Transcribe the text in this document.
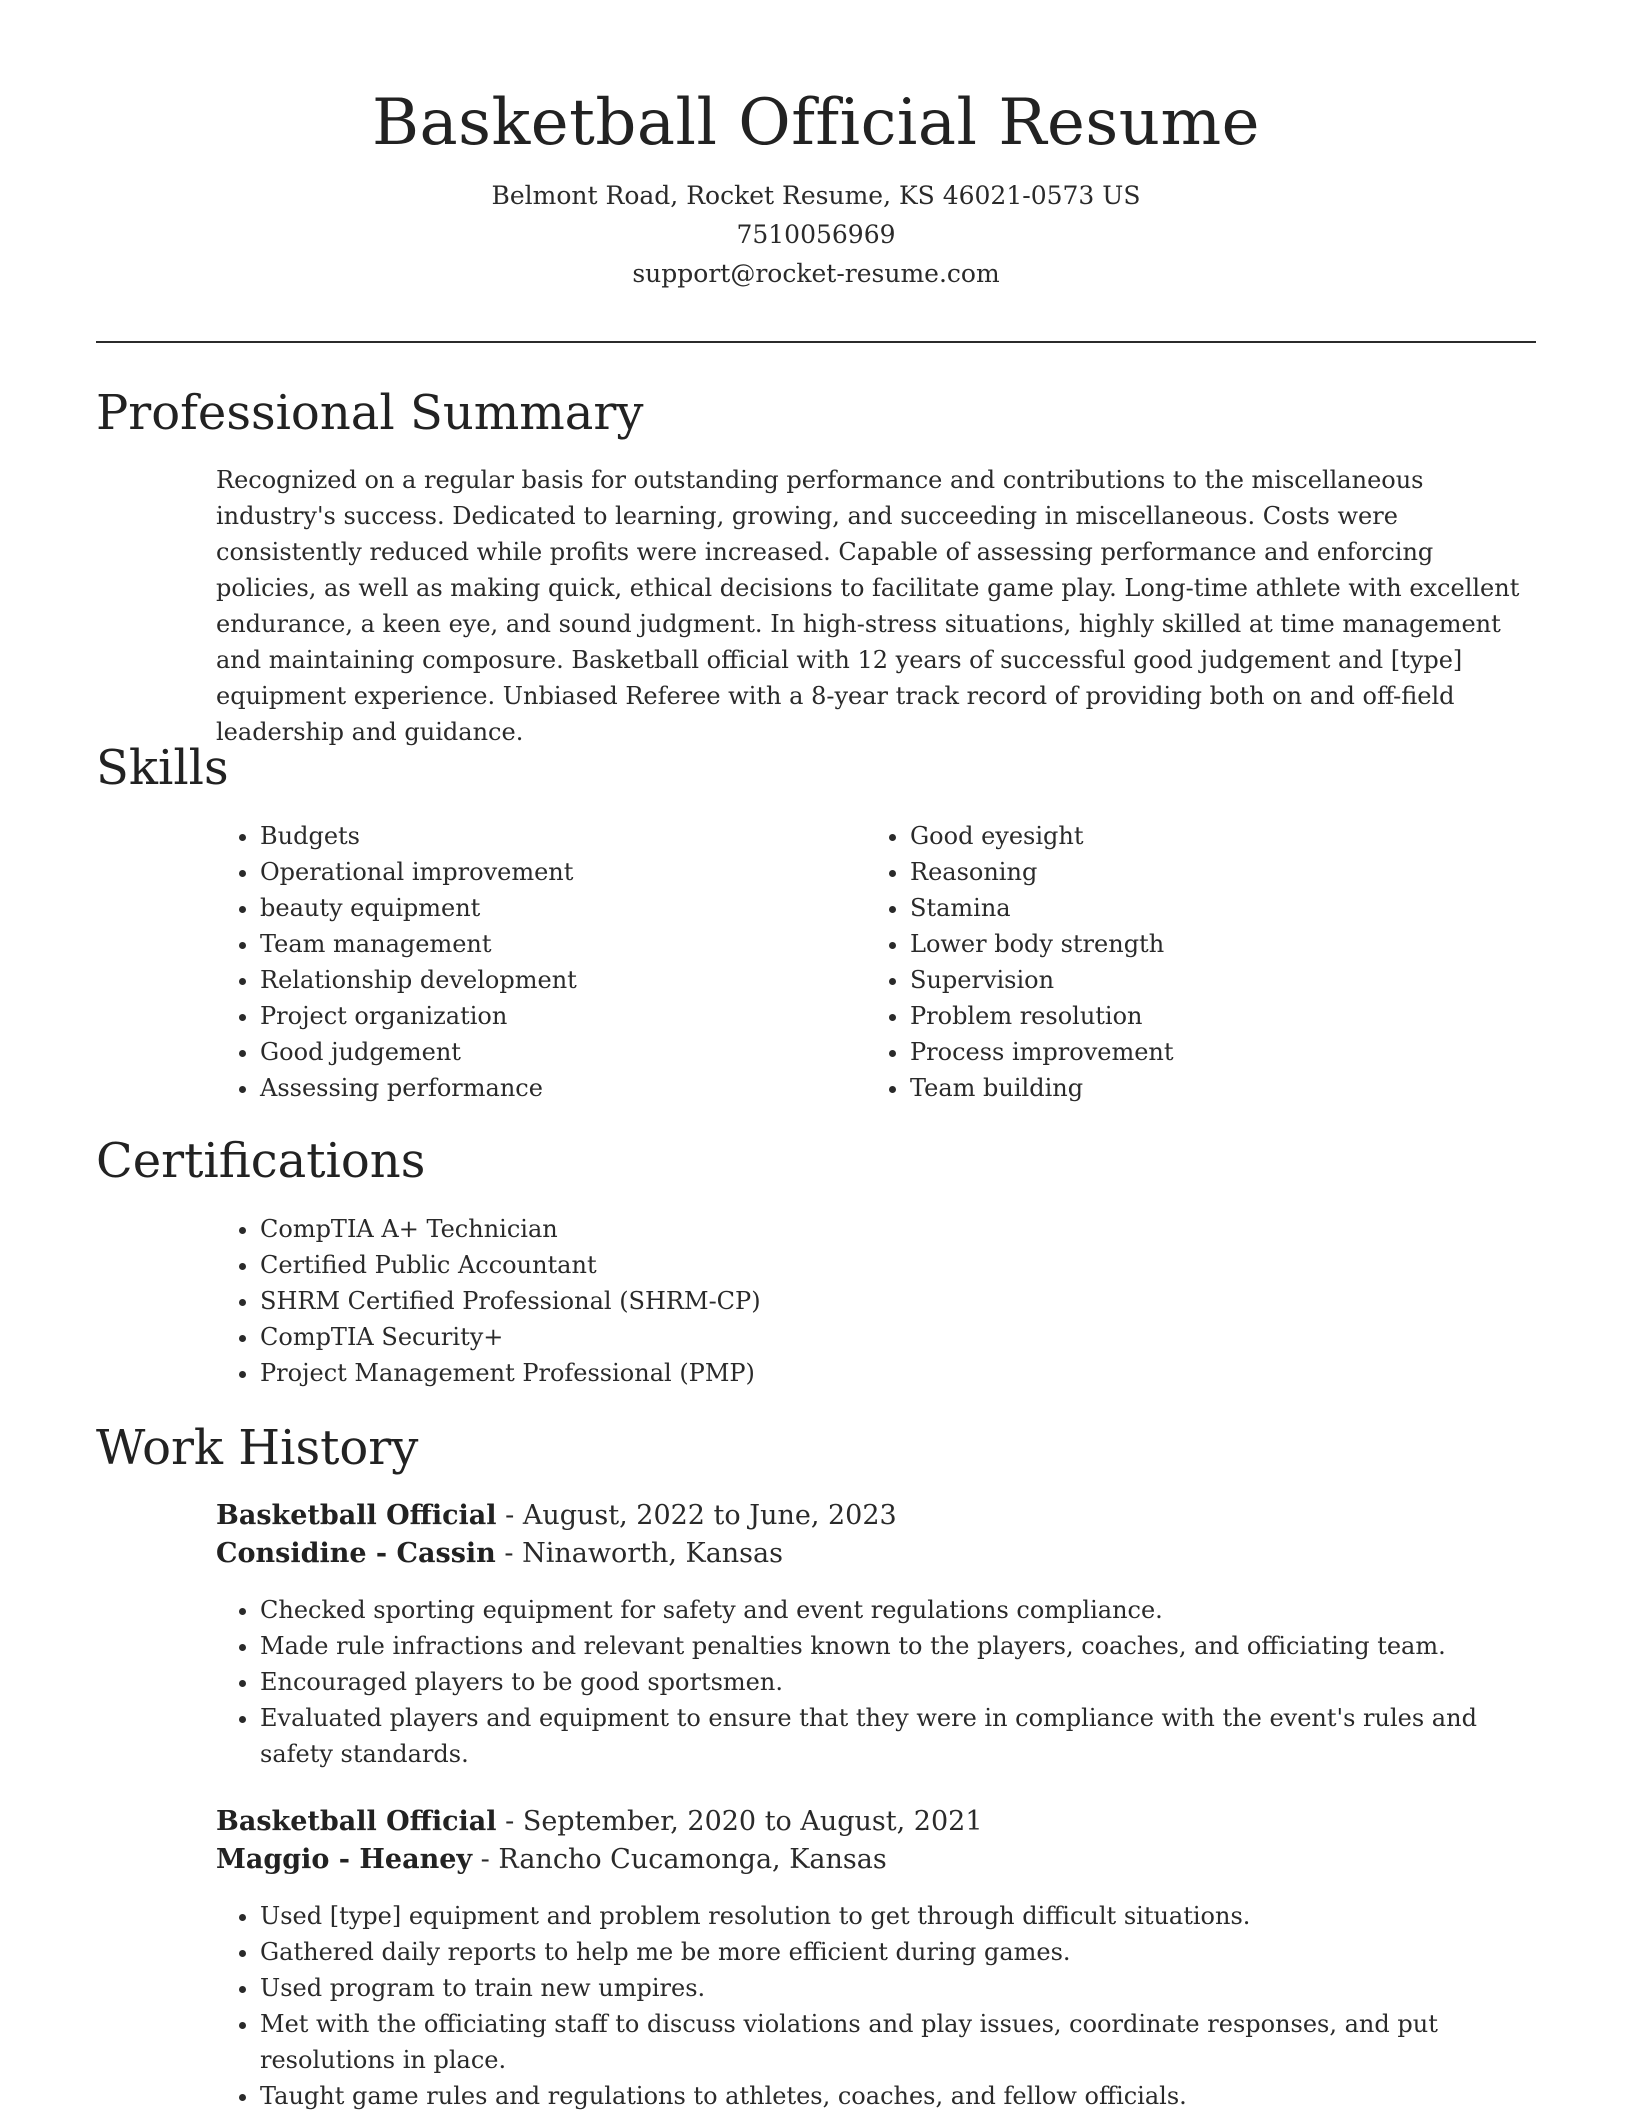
Basketball Official Resume
Belmont Road, Rocket Resume, KS 46021-0573 US
7510056969
support@rocket-resume.com
Professional Summary

Recognized on a regular basis for outstanding performance and contributions to the miscellaneous industry's success. Dedicated to learning, growing, and succeeding in miscellaneous. Costs were consistently reduced while profits were increased. Capable of assessing performance and enforcing policies, as well as making quick, ethical decisions to facilitate game play. Long-time athlete with excellent endurance, a keen eye, and sound judgment. In high-stress situations, highly skilled at time management and maintaining composure. Basketball official with 12 years of successful good judgement and [type] equipment experience. Unbiased Referee with a 8-year track record of providing both on and off-field leadership and guidance.

Skills
• Budgets
• Operational improvement
• beauty equipment
• Team management
• Relationship development
• Project organization
• Good judgement
• Assessing performance
• Good eyesight
• Reasoning
• Stamina
• Lower body strength
• Supervision
• Problem resolution
• Process improvement
• Team building
Certifications
• CompTIA A+ Technician
• Certified Public Accountant
• SHRM Certified Professional (SHRM-CP)
• CompTIA Security+
• Project Management Professional (PMP)
Work History
Basketball Official - August, 2022 to June, 2023
Considine - Cassin - Ninaworth, Kansas
• Checked sporting equipment for safety and event regulations compliance.
• Made rule infractions and relevant penalties known to the players, coaches, and officiating team.
• Encouraged players to be good sportsmen.
• Evaluated players and equipment to ensure that they were in compliance with the event's rules and safety standards.
Basketball Official - September, 2020 to August, 2021
Maggio - Heaney - Rancho Cucamonga, Kansas
• Used [type] equipment and problem resolution to get through difficult situations.
• Gathered daily reports to help me be more efficient during games.
• Used program to train new umpires.
• Met with the officiating staff to discuss violations and play issues, coordinate responses, and put resolutions in place.
• Taught game rules and regulations to athletes, coaches, and fellow officials.
